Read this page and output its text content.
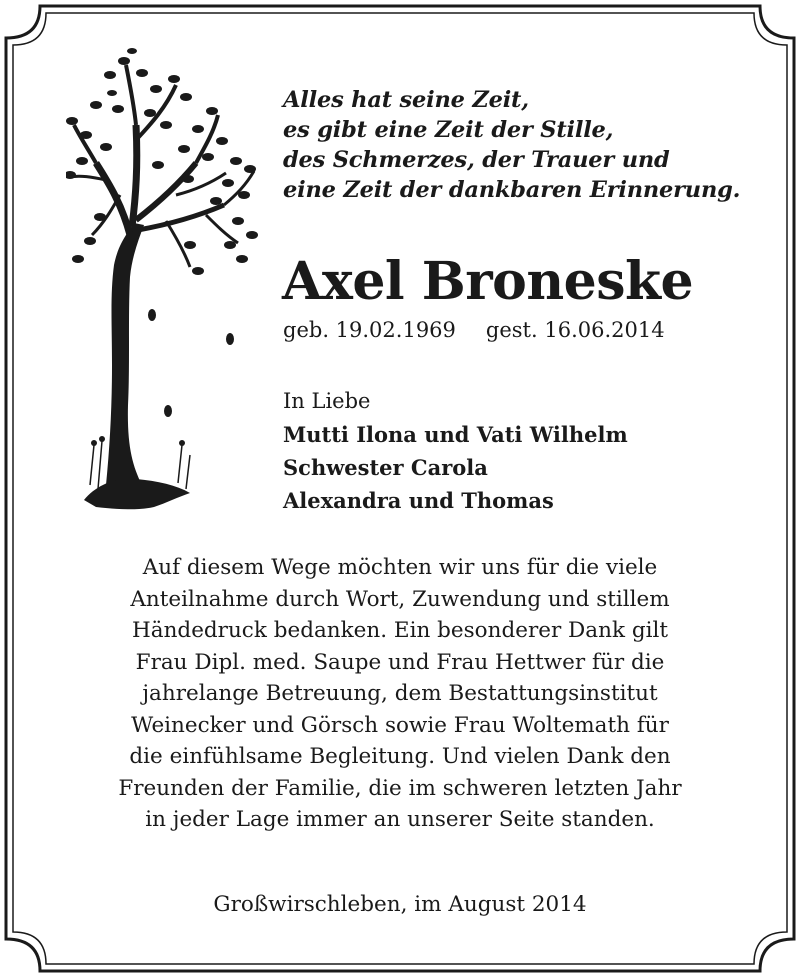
Alles hat seine Zeit,
es gibt eine Zeit der Stille,
des Schmerzes, der Trauer und
eine Zeit der dankbaren Erinnerung.
Axel Broneske
geb. 19.02.1969 gest. 16.06.2014
In Liebe
Mutti Ilona und Vati Wilhelm
Schwester Carola
Alexandra und Thomas
Auf diesem Wege möchten wir uns für die viele
Anteilnahme durch Wort, Zuwendung und stillem
Händedruck bedanken. Ein besonderer Dank gilt
Frau Dipl. med. Saupe und Frau Hettwer für die
jahrelange Betreuung, dem Bestattungsinstitut
Weinecker und Görsch sowie Frau Woltemath für
die einfühlsame Begleitung. Und vielen Dank den
Freunden der Familie, die im schweren letzten Jahr
in jeder Lage immer an unserer Seite standen.
Großwirschleben, im August 2014
